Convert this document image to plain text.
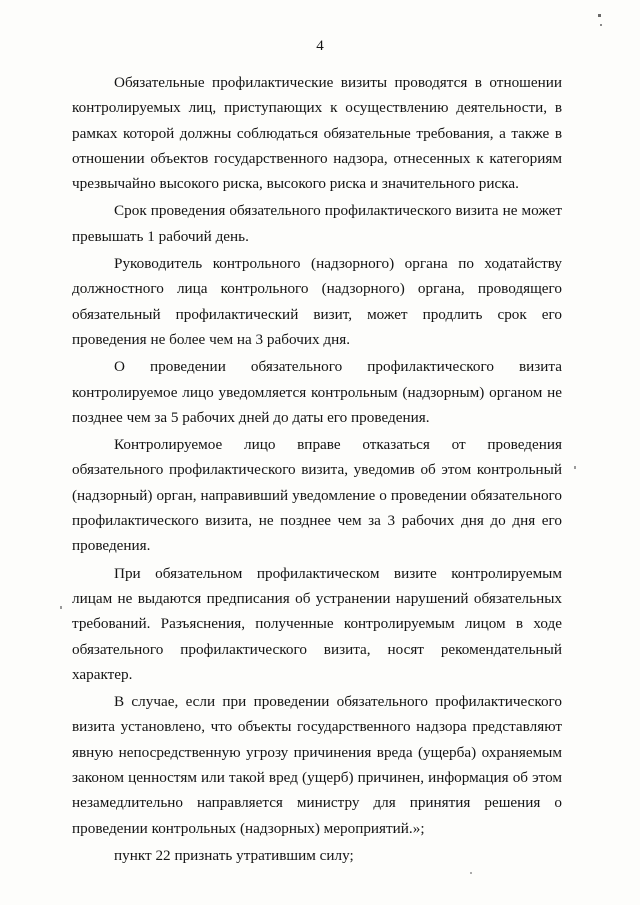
4

Обязательные профилактические визиты проводятся в отношении контролируемых лиц, приступающих к осуществлению деятельности, в рамках которой должны соблюдаться обязательные требования, а также в отношении объектов государственного надзора, отнесенных к категориям чрезвычайно высокого риска, высокого риска и значительного риска.

Срок проведения обязательного профилактического визита не может превышать 1 рабочий день.

Руководитель контрольного (надзорного) органа по ходатайству должностного лица контрольного (надзорного) органа, проводящего обязательный профилактический визит, может продлить срок его проведения не более чем на 3 рабочих дня.

О проведении обязательного профилактического визита контролируемое лицо уведомляется контрольным (надзорным) органом не позднее чем за 5 рабочих дней до даты его проведения.

Контролируемое лицо вправе отказаться от проведения обязательного профилактического визита, уведомив об этом контрольный (надзорный) орган, направивший уведомление о проведении обязательного профилактического визита, не позднее чем за 3 рабочих дня до дня его проведения.

При обязательном профилактическом визите контролируемым лицам не выдаются предписания об устранении нарушений обязательных требований. Разъяснения, полученные контролируемым лицом в ходе обязательного профилактического визита, носят рекомендательный характер.

В случае, если при проведении обязательного профилактического визита установлено, что объекты государственного надзора представляют явную непосредственную угрозу причинения вреда (ущерба) охраняемым законом ценностям или такой вред (ущерб) причинен, информация об этом незамедлительно направляется министру для принятия решения о проведении контрольных (надзорных) мероприятий.»;

пункт 22 признать утратившим силу;
